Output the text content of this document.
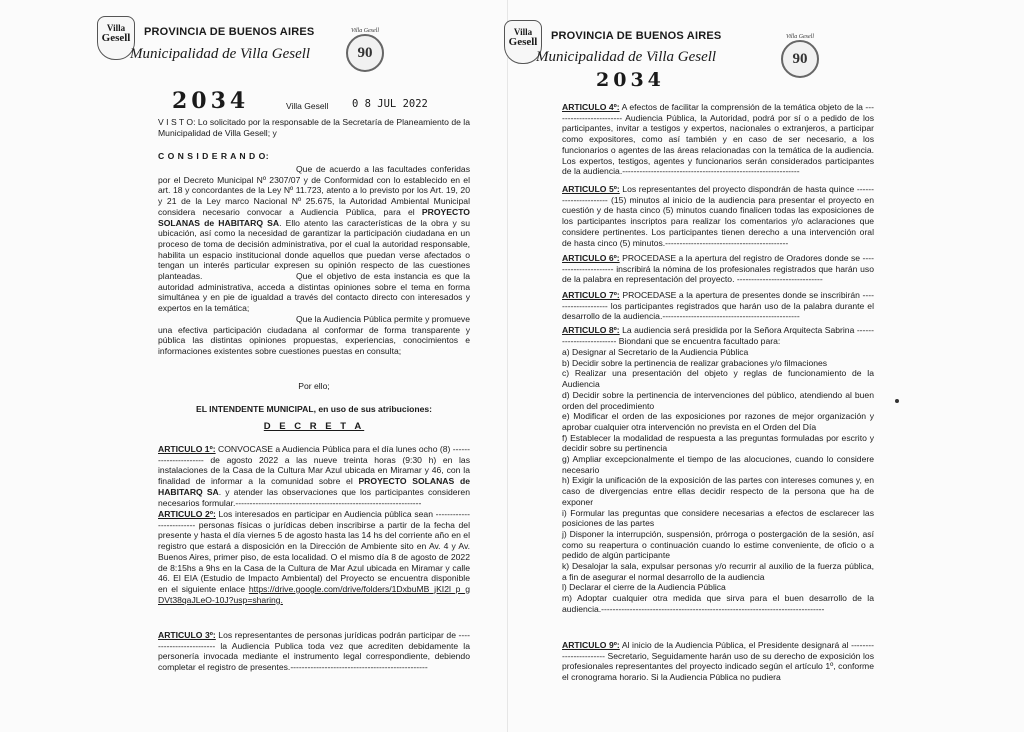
Villa
Gesell	PROVINCIA DE BUENOS AIRES
Municipalidad de Villa Gesell
Villa Gesell
90
2034	Villa Gesell 0 8 JUL 2022
V I S T O: Lo solicitado por la responsable de la Secretaría de Planeamiento de la Municipalidad de Villa Gesell; y
C O N S I D E R A N D O:
Que de acuerdo a las facultades conferidas por el Decreto Municipal Nº 2307/07 y de Conformidad con lo establecido en el art. 18 y concordantes de la Ley Nº 11.723, atento a lo previsto por los Art. 19, 20 y 21 de la Ley marco Nacional Nº 25.675, la Autoridad Ambiental Municipal considera necesario convocar a Audiencia Pública, para el PROYECTO SOLANAS de HABITARQ SA. Ello atento las características de la obra y su ubicación, así como la necesidad de garantizar la participación ciudadana en un proceso de toma de decisión administrativa, por el cual la autoridad responsable, habilita un espacio institucional donde aquellos que puedan verse afectados o tengan un interés particular expresen su opinión respecto de las cuestiones planteadas.	Que el objetivo de esta instancia es que la autoridad administrativa, acceda a distintas opiniones sobre el tema en forma simultánea y en pie de igualdad a través del contacto directo con interesados y expertos en la temática;
Que la Audiencia Pública permite y promueve una efectiva participación ciudadana al conformar de forma transparente y pública las distintas opiniones propuestas, experiencias, conocimientos e informaciones existentes sobre cuestiones puestas en consulta;
Por ello;
EL INTENDENTE MUNICIPAL, en uso de sus atribuciones:
D E C R E T A
ARTICULO 1º: CONVOCASE a Audiencia Pública para el día lunes ocho (8) ---------------------- de agosto 2022 a las nueve treinta horas (9:30 h) en las instalaciones de la Casa de la Cultura Mar Azul ubicada en Miramar y 46, con la finalidad de informar a la comunidad sobre el PROYECTO SOLANAS de HABITARQ SA. y atender las observaciones que los participantes consideren necesarios formular.-----------------------------------------------------------------
ARTICULO 2º: Los interesados en participar en Audiencia pública sean ------------------------- personas físicas o jurídicas deben inscribirse a partir de la fecha del presente y hasta el día viernes 5 de agosto hasta las 14 hs del corriente año en el registro que estará a disposición en la Dirección de Ambiente sito en Av. 4 y Av. Buenos Aires, primer piso, de esta localidad. O el mismo día 8 de agosto de 2022 de 8:15hs a 9hs en la Casa de la Cultura de Mar Azul ubicada en Miramar y calle 46. El EIA (Estudio de Impacto Ambiental) del Proyecto se encuentra disponible en el siguiente enlace https://drive.google.com/drive/folders/1DxbuMB_jKI2l_p_gDVt38qaJLeO-10J?usp=sharing.
ARTICULO 3º: Los representantes de personas jurídicas podrán participar de ------------------------ la Audiencia Publica toda vez que acrediten debidamente la personería invocada mediante el instrumento legal correspondiente, debiendo completar el registro de presentes.------------------------------------------------
Villa
Gesell	PROVINCIA DE BUENOS AIRES
Municipalidad de Villa Gesell
Villa Gesell
90
2034
ARTICULO 4º: A efectos de facilitar la comprensión de la temática objeto de la ------------------------ Audiencia Pública, la Autoridad, podrá por sí o a pedido de los participantes, invitar a testigos y expertos, nacionales o extranjeros, a participar como expositores, como así también y en caso de ser necesario, a los funcionarios o agentes de las áreas relacionadas con la temática de la audiencia. Los expertos, testigos, agentes y funcionarios serán considerados participantes de la audiencia.--------------------------------------------------------------
ARTICULO 5º: Los representantes del proyecto dispondrán de hasta quince ---------------------- (15) minutos al inicio de la audiencia para presentar el proyecto en cuestión y de hasta cinco (5) minutos cuando finalicen todas las exposiciones de los participantes inscriptos para realizar los comentarios y/o aclaraciones que considere pertinentes. Los participantes tienen derecho a una intervención oral de hasta cinco (5) minutos.-------------------------------------------
ARTICULO 6º: PROCEDASE a la apertura del registro de Oradores donde se ---------------------- inscribirá la nómina de los profesionales registrados que harán uso de la palabra en representación del proyecto. ------------------------------
ARTICULO 7º: PROCEDASE a la apertura de presentes donde se inscribirán -------------------- los participantes registrados que harán uso de la palabra durante el desarrollo de la audiencia.------------------------------------------------
ARTICULO 8º: La audiencia será presidida por la Señora Arquitecta Sabrina ------------------------- Biondani que se encuentra facultado para:

a) Designar al Secretario de la Audiencia Pública

b) Decidir sobre la pertinencia de realizar grabaciones y/o filmaciones

c) Realizar una presentación del objeto y reglas de funcionamiento de la Audiencia

d) Decidir sobre la pertinencia de intervenciones del público, atendiendo al buen orden del procedimiento

e) Modificar el orden de las exposiciones por razones de mejor organización y aprobar cualquier otra intervención no prevista en el Orden del Día

f) Establecer la modalidad de respuesta a las preguntas formuladas por escrito y decidir sobre su pertinencia

g) Ampliar excepcionalmente el tiempo de las alocuciones, cuando lo considere necesario

h) Exigir la unificación de la exposición de las partes con intereses comunes y, en caso de divergencias entre ellas decidir respecto de la persona que ha de exponer

i) Formular las preguntas que considere necesarias a efectos de esclarecer las posiciones de las partes

j) Disponer la interrupción, suspensión, prórroga o postergación de la sesión, así como su reapertura o continuación cuando lo estime conveniente, de oficio o a pedido de algún participante

k) Desalojar la sala, expulsar personas y/o recurrir al auxilio de la fuerza pública, a fin de asegurar el normal desarrollo de la audiencia

l) Declarar el cierre de la Audiencia Pública

m) Adoptar cualquier otra medida que sirva para el buen desarrollo de la audiencia.------------------------------------------------------------------------------

ARTICULO 9º: Al inicio de la Audiencia Pública, el Presidente designará al ----------------------- Secretario, Seguidamente harán uso de su derecho de exposición los profesionales representantes del proyecto indicado según el artículo 1º, conforme el cronograma horario. Si la Audiencia Pública no pudiera
